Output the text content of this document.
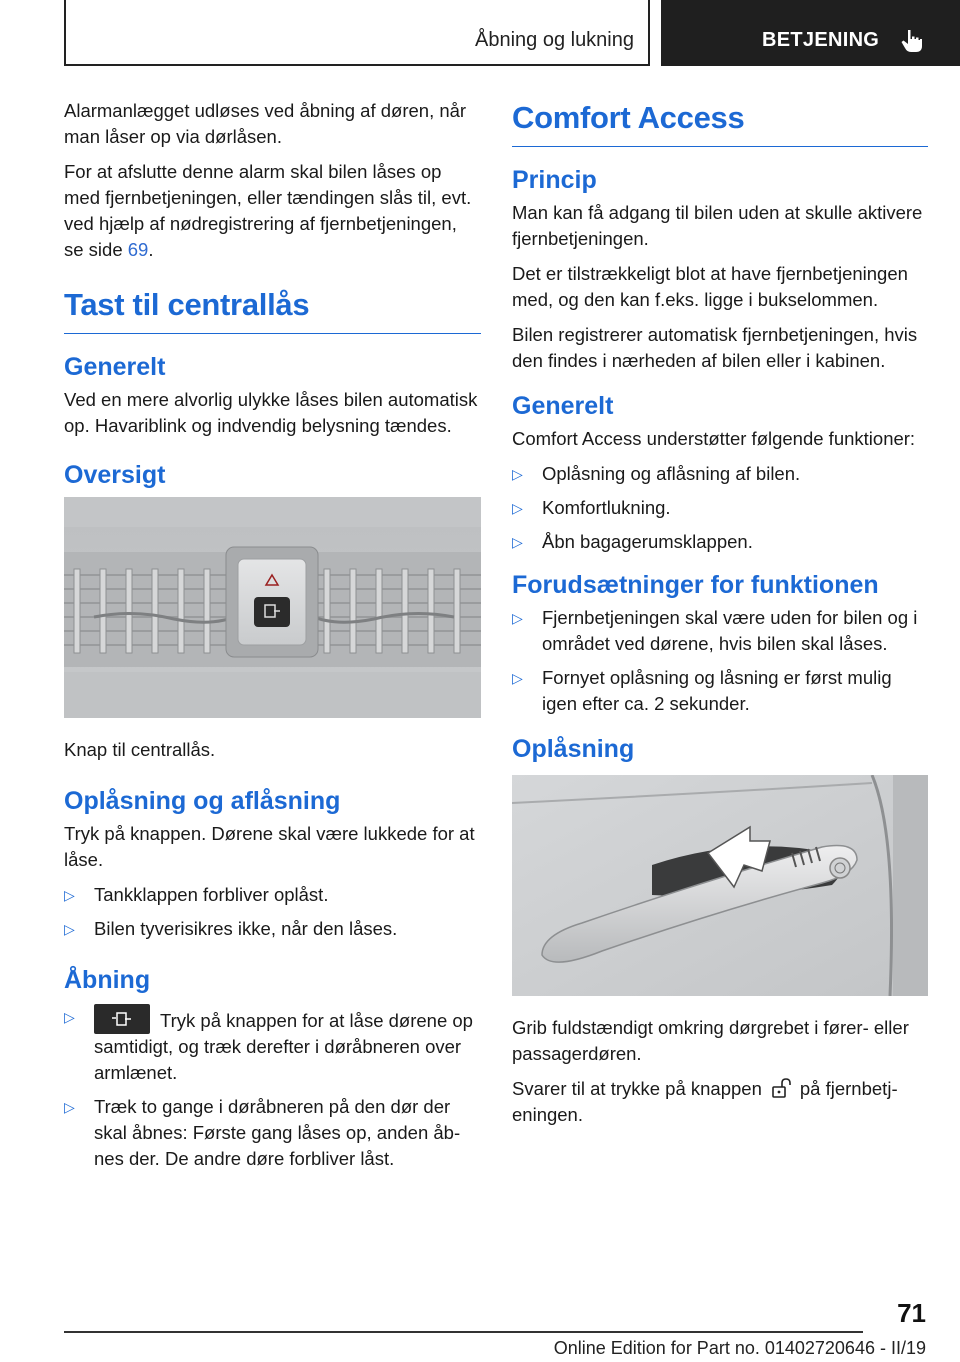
Åbning og lukning	BETJENING

Alarmanlægget udløses ved åbning af døren, når man låser op via dørlåsen.

For at afslutte denne alarm skal bilen låses op med fjernbetjeningen, eller tændingen slås til, evt. ved hjælp af nødregistrering af fjernbetjeningen, se side 69.

Tast til centrallås
Generelt

Ved en mere alvorlig ulykke låses bilen automatisk op. Havariblink og indvendig belysning tændes.

Oversigt

Knap til centrallås.

Oplåsning og aflåsning

Tryk på knappen. Dørene skal være lukkede for at låse.

▷ Tankklappen forbliver oplåst.
▷ Bilen tyverisikres ikke, når den låses.
Åbning
▷	Tryk på knappen for at låse dørene op samtidigt, og træk derefter i døråbneren over armlænet.
▷ Træk to gange i døråbneren på den dør der skal åbnes: Første gang låses op, anden åbnes der. De andre døre forbliver låst.
Comfort Access
Princip

Man kan få adgang til bilen uden at skulle aktivere fjernbetjeningen.

Det er tilstrækkeligt blot at have fjernbetjeningen med, og den kan f.eks. ligge i bukselommen.

Bilen registrerer automatisk fjernbetjeningen, hvis den findes i nærheden af bilen eller i kabinen.

Generelt

Comfort Access understøtter følgende funktioner:

▷ Oplåsning og aflåsning af bilen.
▷ Komfortlukning.
▷ Åbn bagagerumsklappen.
Forudsætninger for funktionen
▷ Fjernbetjeningen skal være uden for bilen og i området ved dørene, hvis bilen skal låses.
▷ Fornyet oplåsning og låsning er først mulig igen efter ca. 2 sekunder.
Oplåsning

Grib fuldstændigt omkring dørgrebet i fører- eller passagerdøren.

Svarer til at trykke på knappen på fjernbetjeningen.

71
Online Edition for Part no. 01402720646 - II/19
